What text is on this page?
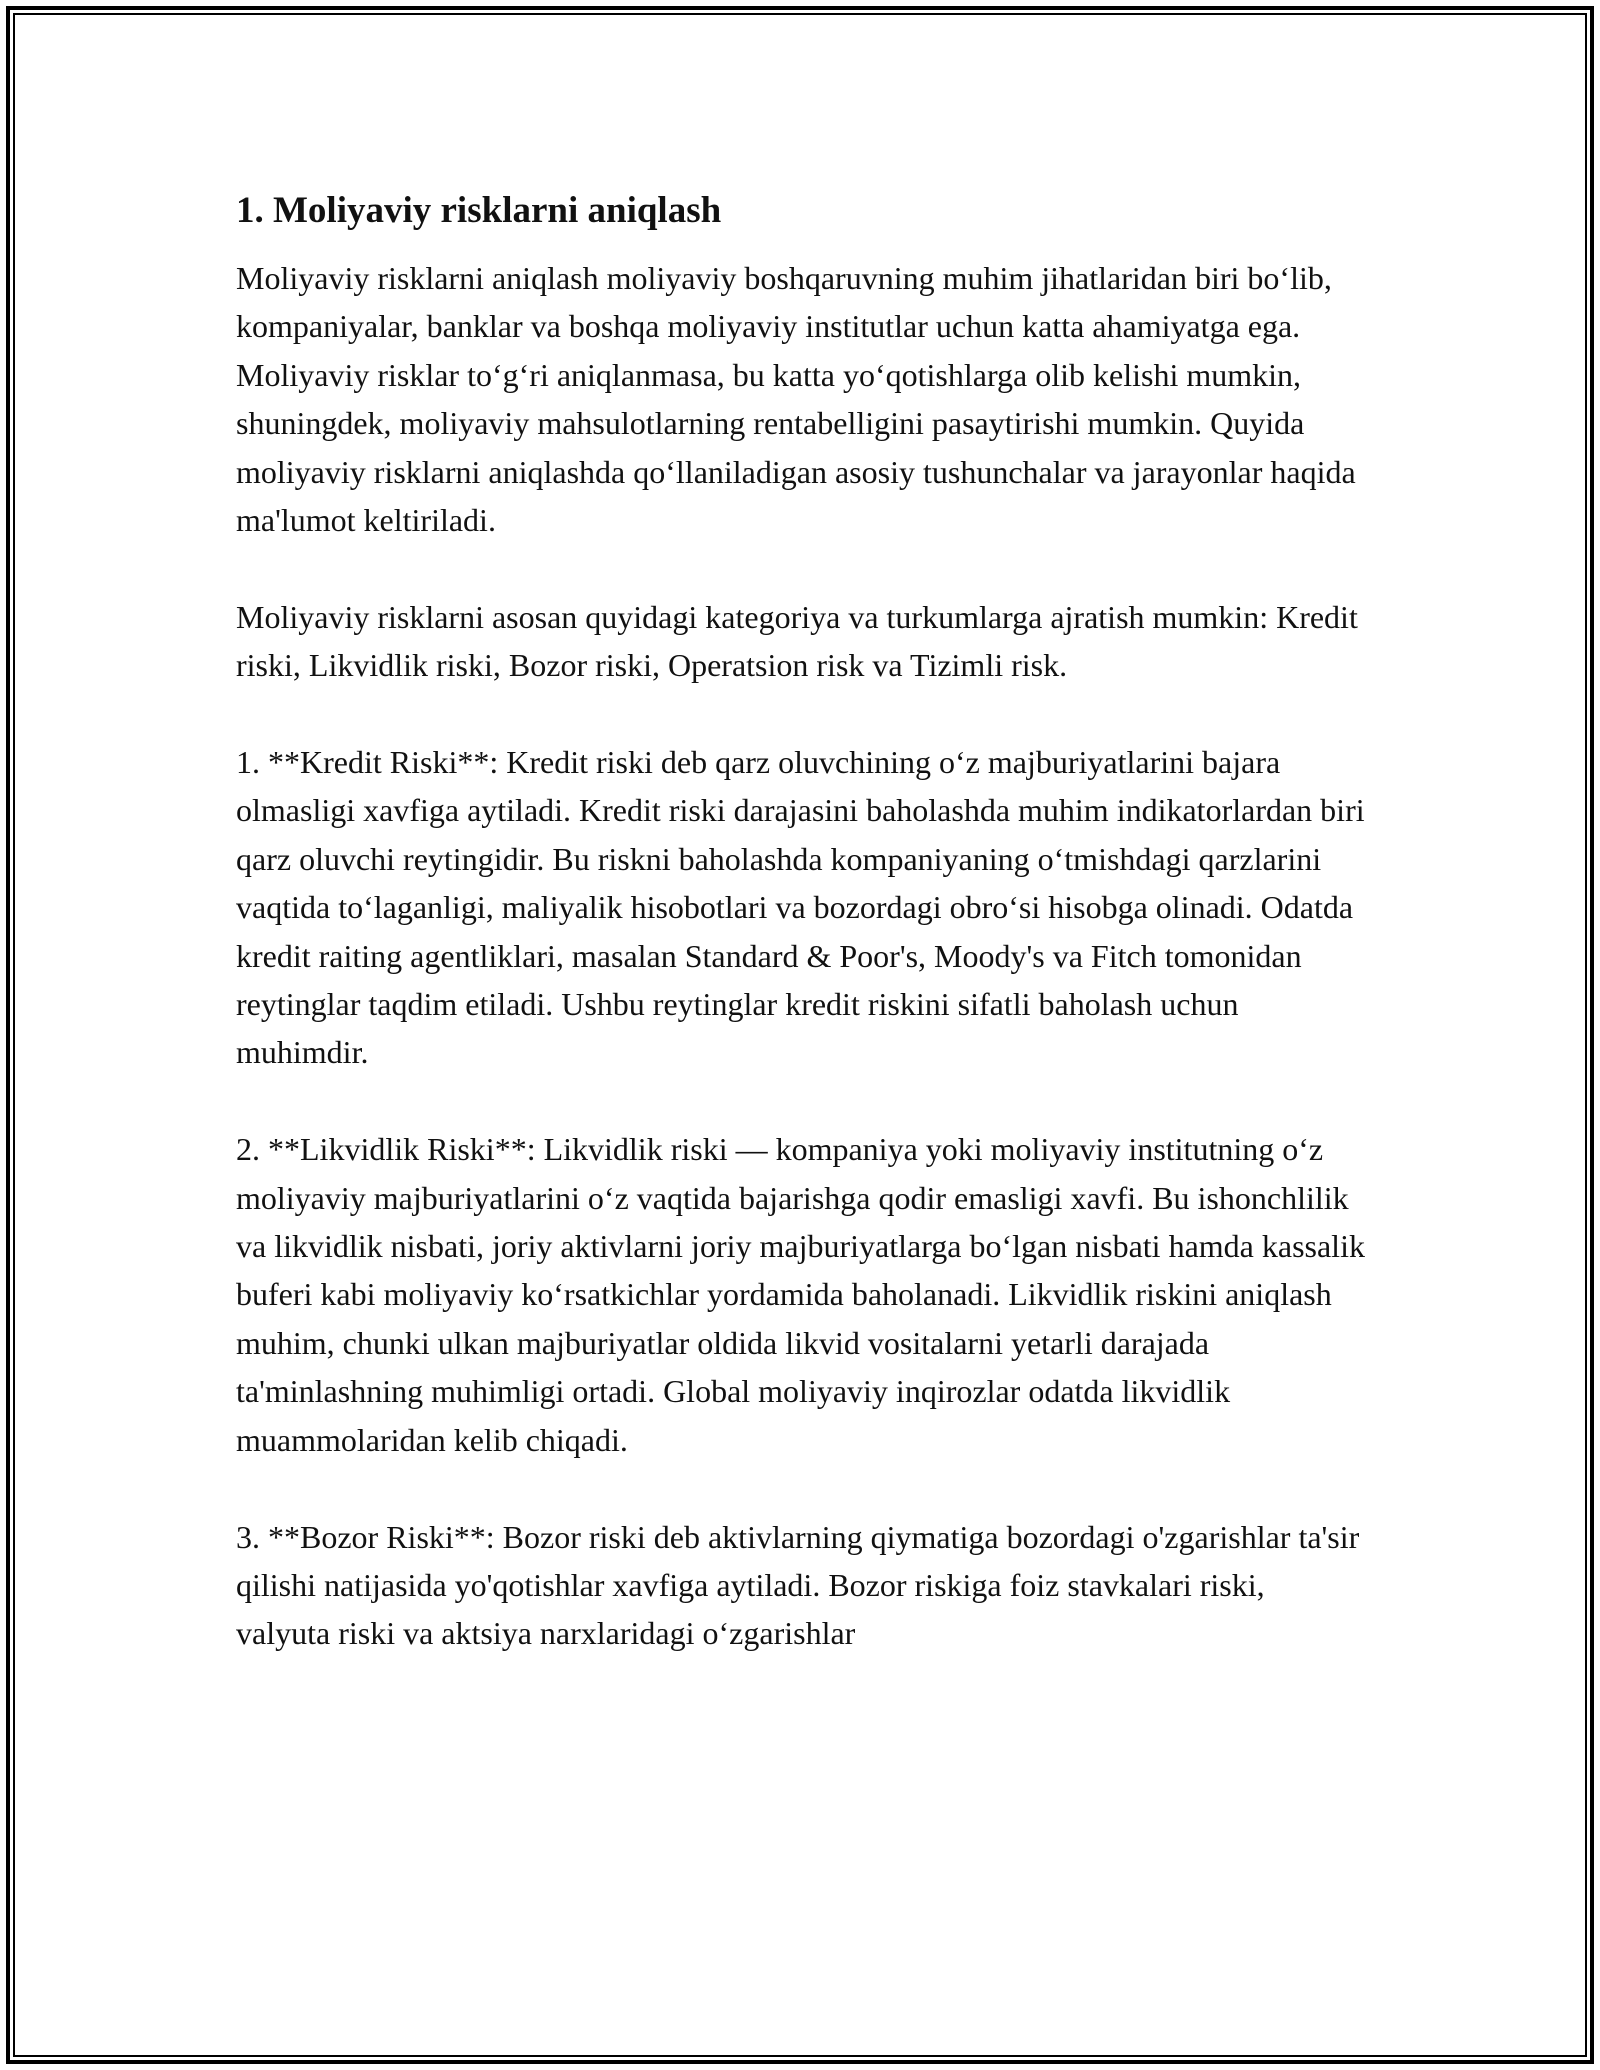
1. Moliyaviy risklarni aniqlash

Moliyaviy risklarni aniqlash moliyaviy boshqaruvning muhim jihatlaridan biri bo‘lib, kompaniyalar, banklar va boshqa moliyaviy institutlar uchun katta ahamiyatga ega. Moliyaviy risklar to‘g‘ri aniqlanmasa, bu katta yo‘qotishlarga olib kelishi mumkin, shuningdek, moliyaviy mahsulotlarning rentabelligini pasaytirishi mumkin. Quyida moliyaviy risklarni aniqlashda qo‘llaniladigan asosiy tushunchalar va jarayonlar haqida ma'lumot keltiriladi.

Moliyaviy risklarni asosan quyidagi kategoriya va turkumlarga ajratish mumkin: Kredit riski, Likvidlik riski, Bozor riski, Operatsion risk va Tizimli risk.

1. **Kredit Riski**: Kredit riski deb qarz oluvchining o‘z majburiyatlarini bajara olmasligi xavfiga aytiladi. Kredit riski darajasini baholashda muhim indikatorlardan biri qarz oluvchi reytingidir. Bu riskni baholashda kompaniyaning o‘tmishdagi qarzlarini vaqtida to‘laganligi, maliyalik hisobotlari va bozordagi obro‘si hisobga olinadi. Odatda kredit raiting agentliklari, masalan Standard & Poor's, Moody's va Fitch tomonidan reytinglar taqdim etiladi. Ushbu reytinglar kredit riskini sifatli baholash uchun muhimdir.

2. **Likvidlik Riski**: Likvidlik riski — kompaniya yoki moliyaviy institutning o‘z moliyaviy majburiyatlarini o‘z vaqtida bajarishga qodir emasligi xavfi. Bu ishonchlilik va likvidlik nisbati, joriy aktivlarni joriy majburiyatlarga bo‘lgan nisbati hamda kassalik buferi kabi moliyaviy ko‘rsatkichlar yordamida baholanadi. Likvidlik riskini aniqlash muhim, chunki ulkan majburiyatlar oldida likvid vositalarni yetarli darajada ta'minlashning muhimligi ortadi. Global moliyaviy inqirozlar odatda likvidlik muammolaridan kelib chiqadi.

3. **Bozor Riski**: Bozor riski deb aktivlarning qiymatiga bozordagi o'zgarishlar ta'sir qilishi natijasida yo'qotishlar xavfiga aytiladi. Bozor riskiga foiz stavkalari riski, valyuta riski va aktsiya narxlaridagi o‘zgarishlar
